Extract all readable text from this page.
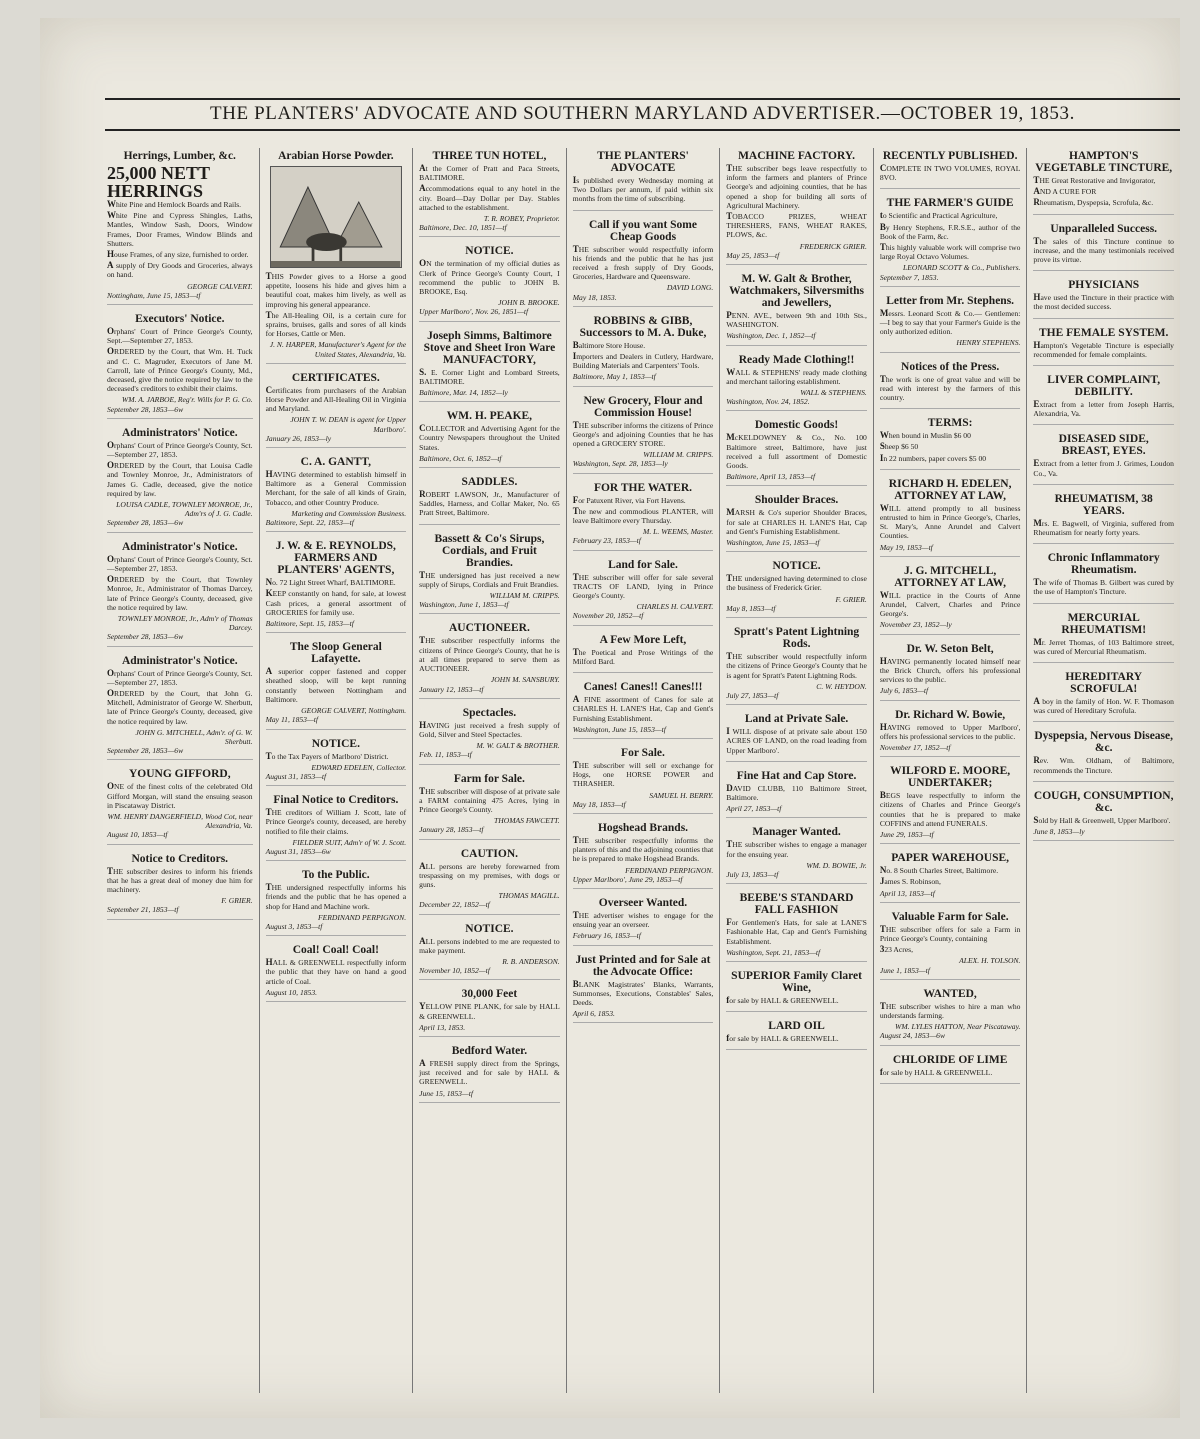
THE PLANTERS' ADVOCATE AND SOUTHERN MARYLAND ADVERTISER.—OCTOBER 19, 1853.
Herrings, Lumber, &c.
25,000 NETT HERRINGS

White Pine and Hemlock Boards and Rails.

White Pine and Cypress Shingles, Laths, Mantles, Window Sash, Doors, Window Frames, Door Frames, Window Blinds and Shutters.

House Frames, of any size, furnished to order.

A supply of Dry Goods and Groceries, always on hand.

GEORGE CALVERT.
Nottingham, June 15, 1853—tf
Executors' Notice.

Orphans' Court of Prince George's County, Sept.—September 27, 1853.

ORDERED by the Court, that Wm. H. Tuck and C. C. Magruder, Executors of Jane M. Carroll, late of Prince George's County, Md., deceased, give the notice required by law to the deceased's creditors to exhibit their claims.

WM. A. JARBOE, Reg'r. Wills for P. G. Co.
September 28, 1853—6w
Administrators' Notice.

Orphans' Court of Prince George's County, Sct.—September 27, 1853.

ORDERED by the Court, that Louisa Cadle and Townley Monroe, Jr., Administrators of James G. Cadle, deceased, give the notice required by law.

LOUISA CADLE, TOWNLEY MONROE, Jr., Adm'rs of J. G. Cadle.
September 28, 1853—6w
Administrator's Notice.

Orphans' Court of Prince George's County, Sct.—September 27, 1853.

ORDERED by the Court, that Townley Monroe, Jr., Administrator of Thomas Darcey, late of Prince George's County, deceased, give the notice required by law.

TOWNLEY MONROE, Jr., Adm'r of Thomas Darcey.
September 28, 1853—6w
Administrator's Notice.

Orphans' Court of Prince George's County, Sct.—September 27, 1853.

ORDERED by the Court, that John G. Mitchell, Administrator of George W. Sherbutt, late of Prince George's County, deceased, give the notice required by law.

JOHN G. MITCHELL, Adm'r. of G. W. Sherbutt.
September 28, 1853—6w
YOUNG GIFFORD,

ONE of the finest colts of the celebrated Old Gifford Morgan, will stand the ensuing season in Piscataway District.

WM. HENRY DANGERFIELD, Wood Cot, near Alexandria, Va.
August 10, 1853—tf
Notice to Creditors.

THE subscriber desires to inform his friends that he has a great deal of money due him for machinery.

F. GRIER.
September 21, 1853—tf
Arabian Horse Powder.

THIS Powder gives to a Horse a good appetite, loosens his hide and gives him a beautiful coat, makes him lively, as well as improving his general appearance.

The All-Healing Oil, is a certain cure for sprains, bruises, galls and sores of all kinds for Horses, Cattle or Men.

J. N. HARPER, Manufacturer's Agent for the United States, Alexandria, Va.
CERTIFICATES.

Certificates from purchasers of the Arabian Horse Powder and All-Healing Oil in Virginia and Maryland.

JOHN T. W. DEAN is agent for Upper Marlboro'.
January 26, 1853—ly
C. A. GANTT,

HAVING determined to establish himself in Baltimore as a General Commission Merchant, for the sale of all kinds of Grain, Tobacco, and other Country Produce.

Marketing and Commission Business.
Baltimore, Sept. 22, 1853—tf
J. W. & E. REYNOLDS, FARMERS AND PLANTERS' AGENTS,

No. 72 Light Street Wharf, BALTIMORE.

KEEP constantly on hand, for sale, at lowest Cash prices, a general assortment of GROCERIES for family use.

Baltimore, Sept. 15, 1853—tf
The Sloop General Lafayette.

A superior copper fastened and copper sheathed sloop, will be kept running constantly between Nottingham and Baltimore.

GEORGE CALVERT, Nottingham.
May 11, 1853—tf
NOTICE.

To the Tax Payers of Marlboro' District.

EDWARD EDELEN, Collector.
August 31, 1853—tf
Final Notice to Creditors.

THE creditors of William J. Scott, late of Prince George's county, deceased, are hereby notified to file their claims.

FIELDER SUIT, Adm'r of W. J. Scott.
August 31, 1853—6w
To the Public.

THE undersigned respectfully informs his friends and the public that he has opened a shop for Hand and Machine work.

FERDINAND PERPIGNON.
August 3, 1853—tf
Coal! Coal! Coal!

HALL & GREENWELL respectfully inform the public that they have on hand a good article of Coal.

August 10, 1853.
THREE TUN HOTEL,

At the Corner of Pratt and Paca Streets, BALTIMORE.

Accommodations equal to any hotel in the city. Board—Day Dollar per Day. Stables attached to the establishment.

T. R. ROBEY, Proprietor.
Baltimore, Dec. 10, 1851—tf
NOTICE.

ON the termination of my official duties as Clerk of Prince George's County Court, I recommend the public to JOHN B. BROOKE, Esq.

JOHN B. BROOKE.
Upper Marlboro', Nov. 26, 1851—tf
Joseph Simms, Baltimore Stove and Sheet Iron Ware MANUFACTORY,

S. E. Corner Light and Lombard Streets, BALTIMORE.

Baltimore, Mar. 14, 1852—ly
WM. H. PEAKE,

COLLECTOR and Advertising Agent for the Country Newspapers throughout the United States.

Baltimore, Oct. 6, 1852—tf
SADDLES.

ROBERT LAWSON, Jr., Manufacturer of Saddles, Harness, and Collar Maker, No. 65 Pratt Street, Baltimore.

Bassett & Co's Sirups, Cordials, and Fruit Brandies.

THE undersigned has just received a new supply of Sirups, Cordials and Fruit Brandies.

WILLIAM M. CRIPPS.
Washington, June 1, 1853—tf
AUCTIONEER.

THE subscriber respectfully informs the citizens of Prince George's County, that he is at all times prepared to serve them as AUCTIONEER.

JOHN M. SANSBURY.
January 12, 1853—tf
Spectacles.

HAVING just received a fresh supply of Gold, Silver and Steel Spectacles.

M. W. GALT & BROTHER.
Feb. 11, 1853—tf
Farm for Sale.

THE subscriber will dispose of at private sale a FARM containing 475 Acres, lying in Prince George's County.

THOMAS FAWCETT.
January 28, 1853—tf
CAUTION.

ALL persons are hereby forewarned from trespassing on my premises, with dogs or guns.

THOMAS MAGILL.
December 22, 1852—tf
NOTICE.

ALL persons indebted to me are requested to make payment.

R. B. ANDERSON.
November 10, 1852—tf
30,000 Feet

YELLOW PINE PLANK, for sale by HALL & GREENWELL.

April 13, 1853.
Bedford Water.

A FRESH supply direct from the Springs, just received and for sale by HALL & GREENWELL.

June 15, 1853—tf
THE PLANTERS' ADVOCATE

Is published every Wednesday morning at Two Dollars per annum, if paid within six months from the time of subscribing.

Call if you want Some Cheap Goods

THE subscriber would respectfully inform his friends and the public that he has just received a fresh supply of Dry Goods, Groceries, Hardware and Queensware.

DAVID LONG.
May 18, 1853.
ROBBINS & GIBB, Successors to M. A. Duke,

Baltimore Store House.

Importers and Dealers in Cutlery, Hardware, Building Materials and Carpenters' Tools.

Baltimore, May 1, 1853—tf
New Grocery, Flour and Commission House!

THE subscriber informs the citizens of Prince George's and adjoining Counties that he has opened a GROCERY STORE.

WILLIAM M. CRIPPS.
Washington, Sept. 28, 1853—ly
FOR THE WATER.

For Patuxent River, via Fort Havens.

The new and commodious PLANTER, will leave Baltimore every Thursday.

M. L. WEEMS, Master.
February 23, 1853—tf
Land for Sale.

THE subscriber will offer for sale several TRACTS OF LAND, lying in Prince George's County.

CHARLES H. CALVERT.
November 20, 1852—tf
A Few More Left,

The Poetical and Prose Writings of the Milford Bard.

Canes! Canes!! Canes!!!

A FINE assortment of Canes for sale at CHARLES H. LANE'S Hat, Cap and Gent's Furnishing Establishment.

Washington, June 15, 1853—tf
For Sale.

THE subscriber will sell or exchange for Hogs, one HORSE POWER and THRASHER.

SAMUEL H. BERRY.
May 18, 1853—tf
Hogshead Brands.

THE subscriber respectfully informs the planters of this and the adjoining counties that he is prepared to make Hogshead Brands.

FERDINAND PERPIGNON.
Upper Marlboro', June 29, 1853—tf
Overseer Wanted.

THE advertiser wishes to engage for the ensuing year an overseer.

February 16, 1853—tf
Just Printed and for Sale at the Advocate Office:

BLANK Magistrates' Blanks, Warrants, Summonses, Executions, Constables' Sales, Deeds.

April 6, 1853.
MACHINE FACTORY.

THE subscriber begs leave respectfully to inform the farmers and planters of Prince George's and adjoining counties, that he has opened a shop for building all sorts of Agricultural Machinery.

TOBACCO PRIZES, WHEAT THRESHERS, FANS, WHEAT RAKES, PLOWS, &c.

FREDERICK GRIER.
May 25, 1853—tf
M. W. Galt & Brother, Watchmakers, Silversmiths and Jewellers,

PENN. AVE., between 9th and 10th Sts., WASHINGTON.

Washington, Dec. 1, 1852—tf
Ready Made Clothing!!

WALL & STEPHENS' ready made clothing and merchant tailoring establishment.

WALL & STEPHENS.
Washington, Nov. 24, 1852.
Domestic Goods!

McKELDOWNEY & Co., No. 100 Baltimore street, Baltimore, have just received a full assortment of Domestic Goods.

Baltimore, April 13, 1853—tf
Shoulder Braces.

MARSH & Co's superior Shoulder Braces, for sale at CHARLES H. LANE'S Hat, Cap and Gent's Furnishing Establishment.

Washington, June 15, 1853—tf
NOTICE.

THE undersigned having determined to close the business of Frederick Grier.

F. GRIER.
May 8, 1853—tf
Spratt's Patent Lightning Rods.

THE subscriber would respectfully inform the citizens of Prince George's County that he is agent for Spratt's Patent Lightning Rods.

C. W. HEYDON.
July 27, 1853—tf
Land at Private Sale.

I WILL dispose of at private sale about 150 ACRES OF LAND, on the road leading from Upper Marlboro'.

Fine Hat and Cap Store.

DAVID CLUBB, 110 Baltimore Street, Baltimore.

April 27, 1853—tf
Manager Wanted.

THE subscriber wishes to engage a manager for the ensuing year.

WM. D. BOWIE, Jr.
July 13, 1853—tf
BEEBE'S STANDARD FALL FASHION

For Gentlemen's Hats, for sale at LANE'S Fashionable Hat, Cap and Gent's Furnishing Establishment.

Washington, Sept. 21, 1853—tf
SUPERIOR Family Claret Wine,

for sale by HALL & GREENWELL.

LARD OIL

for sale by HALL & GREENWELL.

RECENTLY PUBLISHED.

COMPLETE IN TWO VOLUMES, ROYAL 8VO.

THE FARMER'S GUIDE

to Scientific and Practical Agriculture,

By Henry Stephens, F.R.S.E., author of the Book of the Farm, &c.

This highly valuable work will comprise two large Royal Octavo Volumes.

LEONARD SCOTT & Co., Publishers.
September 7, 1853.
Letter from Mr. Stephens.

Messrs. Leonard Scott & Co.— Gentlemen:—I beg to say that your Farmer's Guide is the only authorized edition.

HENRY STEPHENS.
Notices of the Press.

The work is one of great value and will be read with interest by the farmers of this country.

TERMS:

When bound in Muslin $6 00

Sheep $6 50

In 22 numbers, paper covers $5 00

RICHARD H. EDELEN, ATTORNEY AT LAW,

WILL attend promptly to all business entrusted to him in Prince George's, Charles, St. Mary's, Anne Arundel and Calvert Counties.

May 19, 1853—tf
J. G. MITCHELL, ATTORNEY AT LAW,

WILL practice in the Courts of Anne Arundel, Calvert, Charles and Prince George's.

November 23, 1852—ly
Dr. W. Seton Belt,

HAVING permanently located himself near the Brick Church, offers his professional services to the public.

July 6, 1853—tf
Dr. Richard W. Bowie,

HAVING removed to Upper Marlboro', offers his professional services to the public.

November 17, 1852—tf
WILFORD E. MOORE, UNDERTAKER;

BEGS leave respectfully to inform the citizens of Charles and Prince George's counties that he is prepared to make COFFINS and attend FUNERALS.

June 29, 1853—tf
PAPER WAREHOUSE,

No. 8 South Charles Street, Baltimore.

James S. Robinson,

April 13, 1853—tf
Valuable Farm for Sale.

THE subscriber offers for sale a Farm in Prince George's County, containing

323 Acres,

ALEX. H. TOLSON.
June 1, 1853—tf
WANTED,

THE subscriber wishes to hire a man who understands farming.

WM. LYLES HATTON, Near Piscataway.
August 24, 1853—6w
CHLORIDE OF LIME

for sale by HALL & GREENWELL.

HAMPTON'S VEGETABLE TINCTURE,

THE Great Restorative and Invigorator,

AND A CURE FOR

Rheumatism, Dyspepsia, Scrofula, &c.

Unparalleled Success.

The sales of this Tincture continue to increase, and the many testimonials received prove its virtue.

PHYSICIANS

Have used the Tincture in their practice with the most decided success.

THE FEMALE SYSTEM.

Hampton's Vegetable Tincture is especially recommended for female complaints.

LIVER COMPLAINT, DEBILITY.

Extract from a letter from Joseph Harris, Alexandria, Va.

DISEASED SIDE, BREAST, EYES.

Extract from a letter from J. Grimes, Loudon Co., Va.

RHEUMATISM, 38 YEARS.

Mrs. E. Bagwell, of Virginia, suffered from Rheumatism for nearly forty years.

Chronic Inflammatory Rheumatism.

The wife of Thomas B. Gilbert was cured by the use of Hampton's Tincture.

MERCURIAL RHEUMATISM!

Mr. Jerret Thomas, of 103 Baltimore street, was cured of Mercurial Rheumatism.

HEREDITARY SCROFULA!

A boy in the family of Hon. W. F. Thomason was cured of Hereditary Scrofula.

Dyspepsia, Nervous Disease, &c.

Rev. Wm. Oldham, of Baltimore, recommends the Tincture.

COUGH, CONSUMPTION, &c.

Sold by Hall & Greenwell, Upper Marlboro'.

June 8, 1853—ly
